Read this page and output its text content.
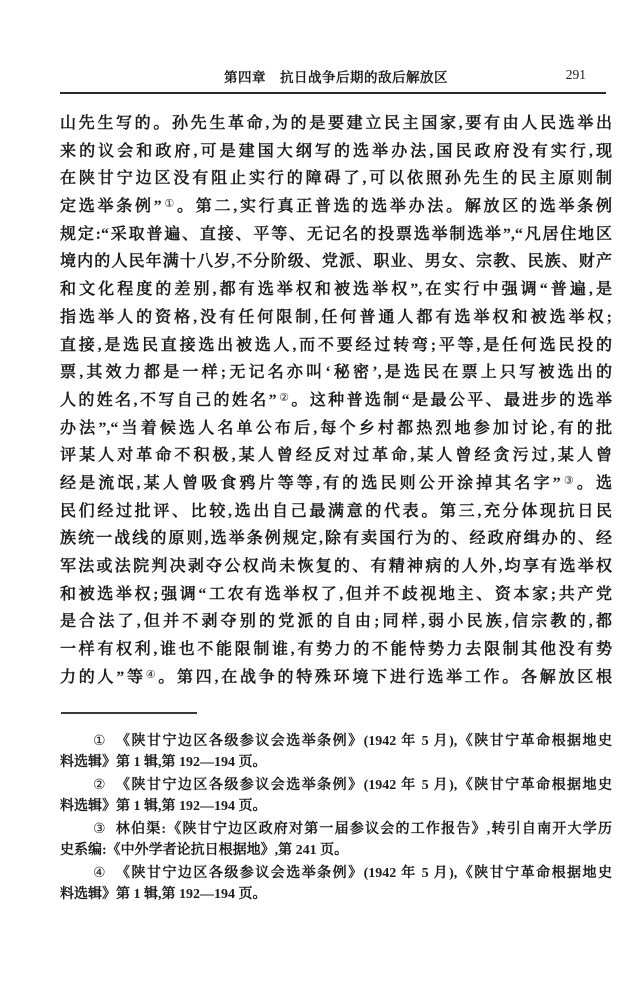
第四章　抗日战争后期的敌后解放区	291
山先生写的。孙先生革命,为的是要建立民主国家,要有由人民选举出
来的议会和政府,可是建国大纲写的选举办法,国民政府没有实行,现
在陕甘宁边区没有阻止实行的障碍了,可以依照孙先生的民主原则制
定选举条例”①。第二,实行真正普选的选举办法。解放区的选举条例
规定:“采取普遍、直接、平等、无记名的投票选举制选举”,“凡居住地区
境内的人民年满十八岁,不分阶级、党派、职业、男女、宗教、民族、财产
和文化程度的差别,都有选举权和被选举权”,在实行中强调“普遍,是
指选举人的资格,没有任何限制,任何普通人都有选举权和被选举权;
直接,是选民直接选出被选人,而不要经过转弯;平等,是任何选民投的
票,其效力都是一样;无记名亦叫‘秘密’,是选民在票上只写被选出的
人的姓名,不写自己的姓名”②。这种普选制“是最公平、最进步的选举
办法”,“当着候选人名单公布后,每个乡村都热烈地参加讨论,有的批
评某人对革命不积极,某人曾经反对过革命,某人曾经贪污过,某人曾
经是流氓,某人曾吸食鸦片等等,有的选民则公开涂掉其名字”③。选
民们经过批评、比较,选出自己最满意的代表。第三,充分体现抗日民
族统一战线的原则,选举条例规定,除有卖国行为的、经政府缉办的、经
军法或法院判决剥夺公权尚未恢复的、有精神病的人外,均享有选举权
和被选举权;强调“工农有选举权了,但并不歧视地主、资本家;共产党
是合法了,但并不剥夺别的党派的自由;同样,弱小民族,信宗教的,都
一样有权利,谁也不能限制谁,有势力的不能恃势力去限制其他没有势
力的人”等④。第四,在战争的特殊环境下进行选举工作。各解放区根
① 《陕甘宁边区各级参议会选举条例》(1942 年 5 月),《陕甘宁革命根据地史
料选辑》第 1 辑,第 192—194 页。
② 《陕甘宁边区各级参议会选举条例》(1942 年 5 月),《陕甘宁革命根据地史
料选辑》第 1 辑,第 192—194 页。
③ 林伯渠:《陕甘宁边区政府对第一届参议会的工作报告》,转引自南开大学历
史系编:《中外学者论抗日根据地》,第 241 页。
④ 《陕甘宁边区各级参议会选举条例》(1942 年 5 月),《陕甘宁革命根据地史
料选辑》第 1 辑,第 192—194 页。
